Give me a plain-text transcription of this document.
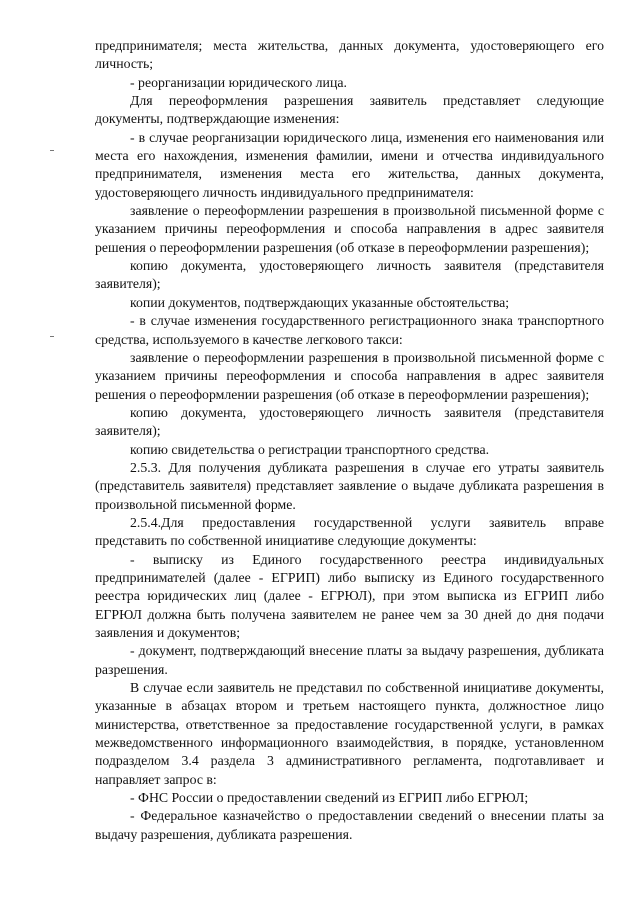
предпринимателя; места жительства, данных документа, удостоверяющего его личность;

- реорганизации юридического лица.

Для переоформления разрешения заявитель представляет следующие документы, подтверждающие изменения:

- в случае реорганизации юридического лица, изменения его наименования или места его нахождения, изменения фамилии, имени и отчества индивидуального предпринимателя, изменения места его жительства, данных документа, удостоверяющего личность индивидуального предпринимателя:

заявление о переоформлении разрешения в произвольной письменной форме с указанием причины переоформления и способа направления в адрес заявителя решения о переоформлении разрешения (об отказе в переоформлении разрешения);

копию документа, удостоверяющего личность заявителя (представителя заявителя);

копии документов, подтверждающих указанные обстоятельства;

- в случае изменения государственного регистрационного знака транспортного средства, используемого в качестве легкового такси:

заявление о переоформлении разрешения в произвольной письменной форме с указанием причины переоформления и способа направления в адрес заявителя решения о переоформлении разрешения (об отказе в переоформлении разрешения);

копию документа, удостоверяющего личность заявителя (представителя заявителя);

копию свидетельства о регистрации транспортного средства.

2.5.3. Для получения дубликата разрешения в случае его утраты заявитель (представитель заявителя) представляет заявление о выдаче дубликата разрешения в произвольной письменной форме.

2.5.4.Для предоставления государственной услуги заявитель вправе представить по собственной инициативе следующие документы:

- выписку из Единого государственного реестра индивидуальных предпринимателей (далее - ЕГРИП) либо выписку из Единого государственного реестра юридических лиц (далее - ЕГРЮЛ), при этом выписка из ЕГРИП либо ЕГРЮЛ должна быть получена заявителем не ранее чем за 30 дней до дня подачи заявления и документов;

- документ, подтверждающий внесение платы за выдачу разрешения, дубликата разрешения.

В случае если заявитель не представил по собственной инициативе документы, указанные в абзацах втором и третьем настоящего пункта, должностное лицо министерства, ответственное за предоставление государственной услуги, в рамках межведомственного информационного взаимодействия, в порядке, установленном подразделом 3.4 раздела 3 административного регламента, подготавливает и направляет запрос в:

- ФНС России о предоставлении сведений из ЕГРИП либо ЕГРЮЛ;

- Федеральное казначейство о предоставлении сведений о внесении платы за выдачу разрешения, дубликата разрешения.
